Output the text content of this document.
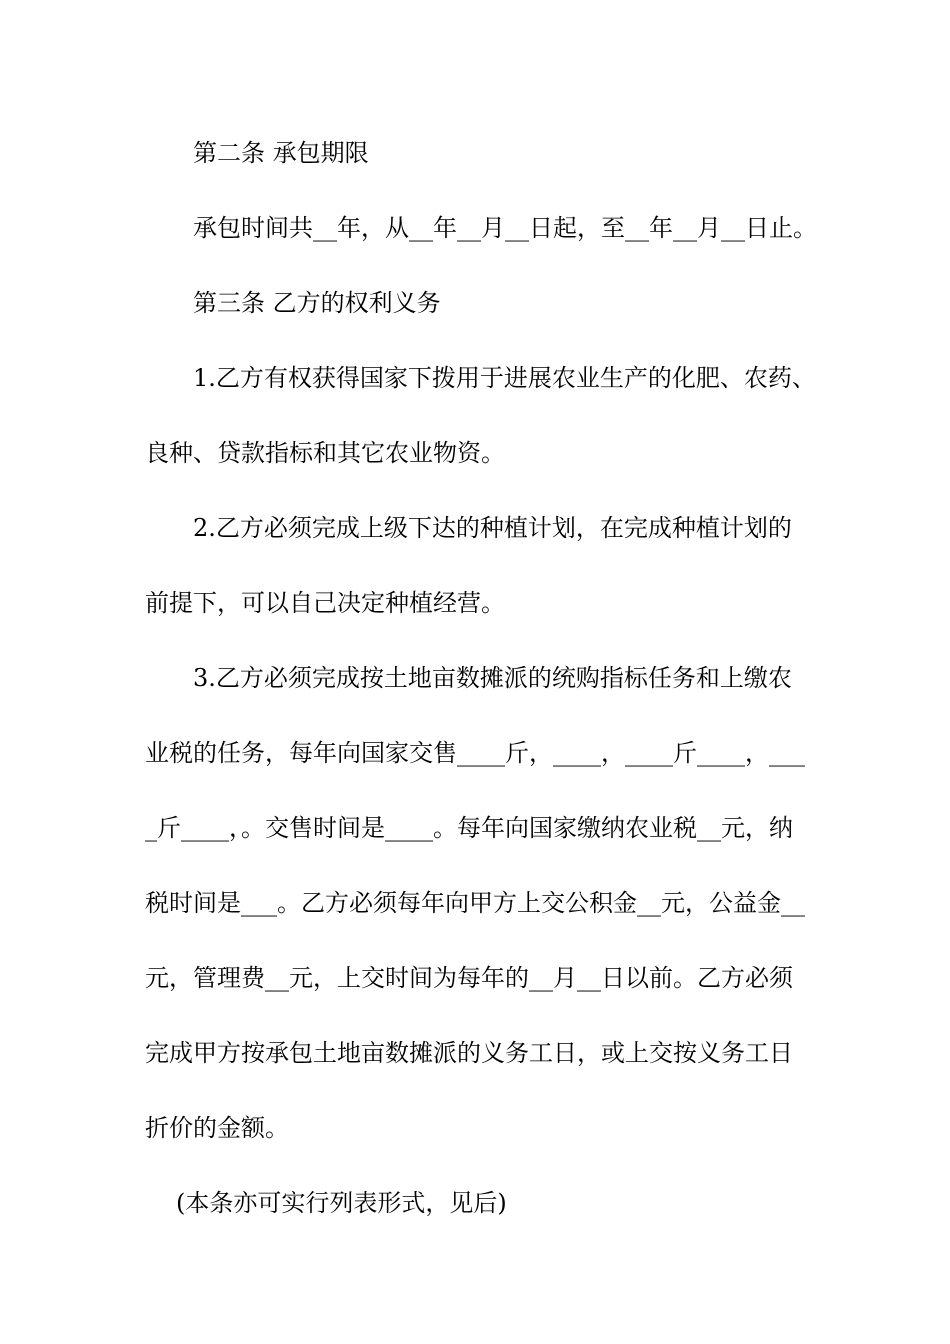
第二条 承包期限
承包时间共__年，从__年__月__日起，至__年__月__日止。
第三条 乙方的权利义务
1.乙方有权获得国家下拨用于进展农业生产的化肥、农药、
良种、贷款指标和其它农业物资。
2.乙方必须完成上级下达的种植计划，在完成种植计划的
前提下，可以自己决定种植经营。
3.乙方必须完成按土地亩数摊派的统购指标任务和上缴农
业税的任务，每年向国家交售____斤，____，____斤____，___
_斤____，。交售时间是____。每年向国家缴纳农业税__元，纳
税时间是___。乙方必须每年向甲方上交公积金__元，公益金__
元，管理费__元，上交时间为每年的__月__日以前。乙方必须
完成甲方按承包土地亩数摊派的义务工日，或上交按义务工日
折价的金额。
(本条亦可实行列表形式，见后)
